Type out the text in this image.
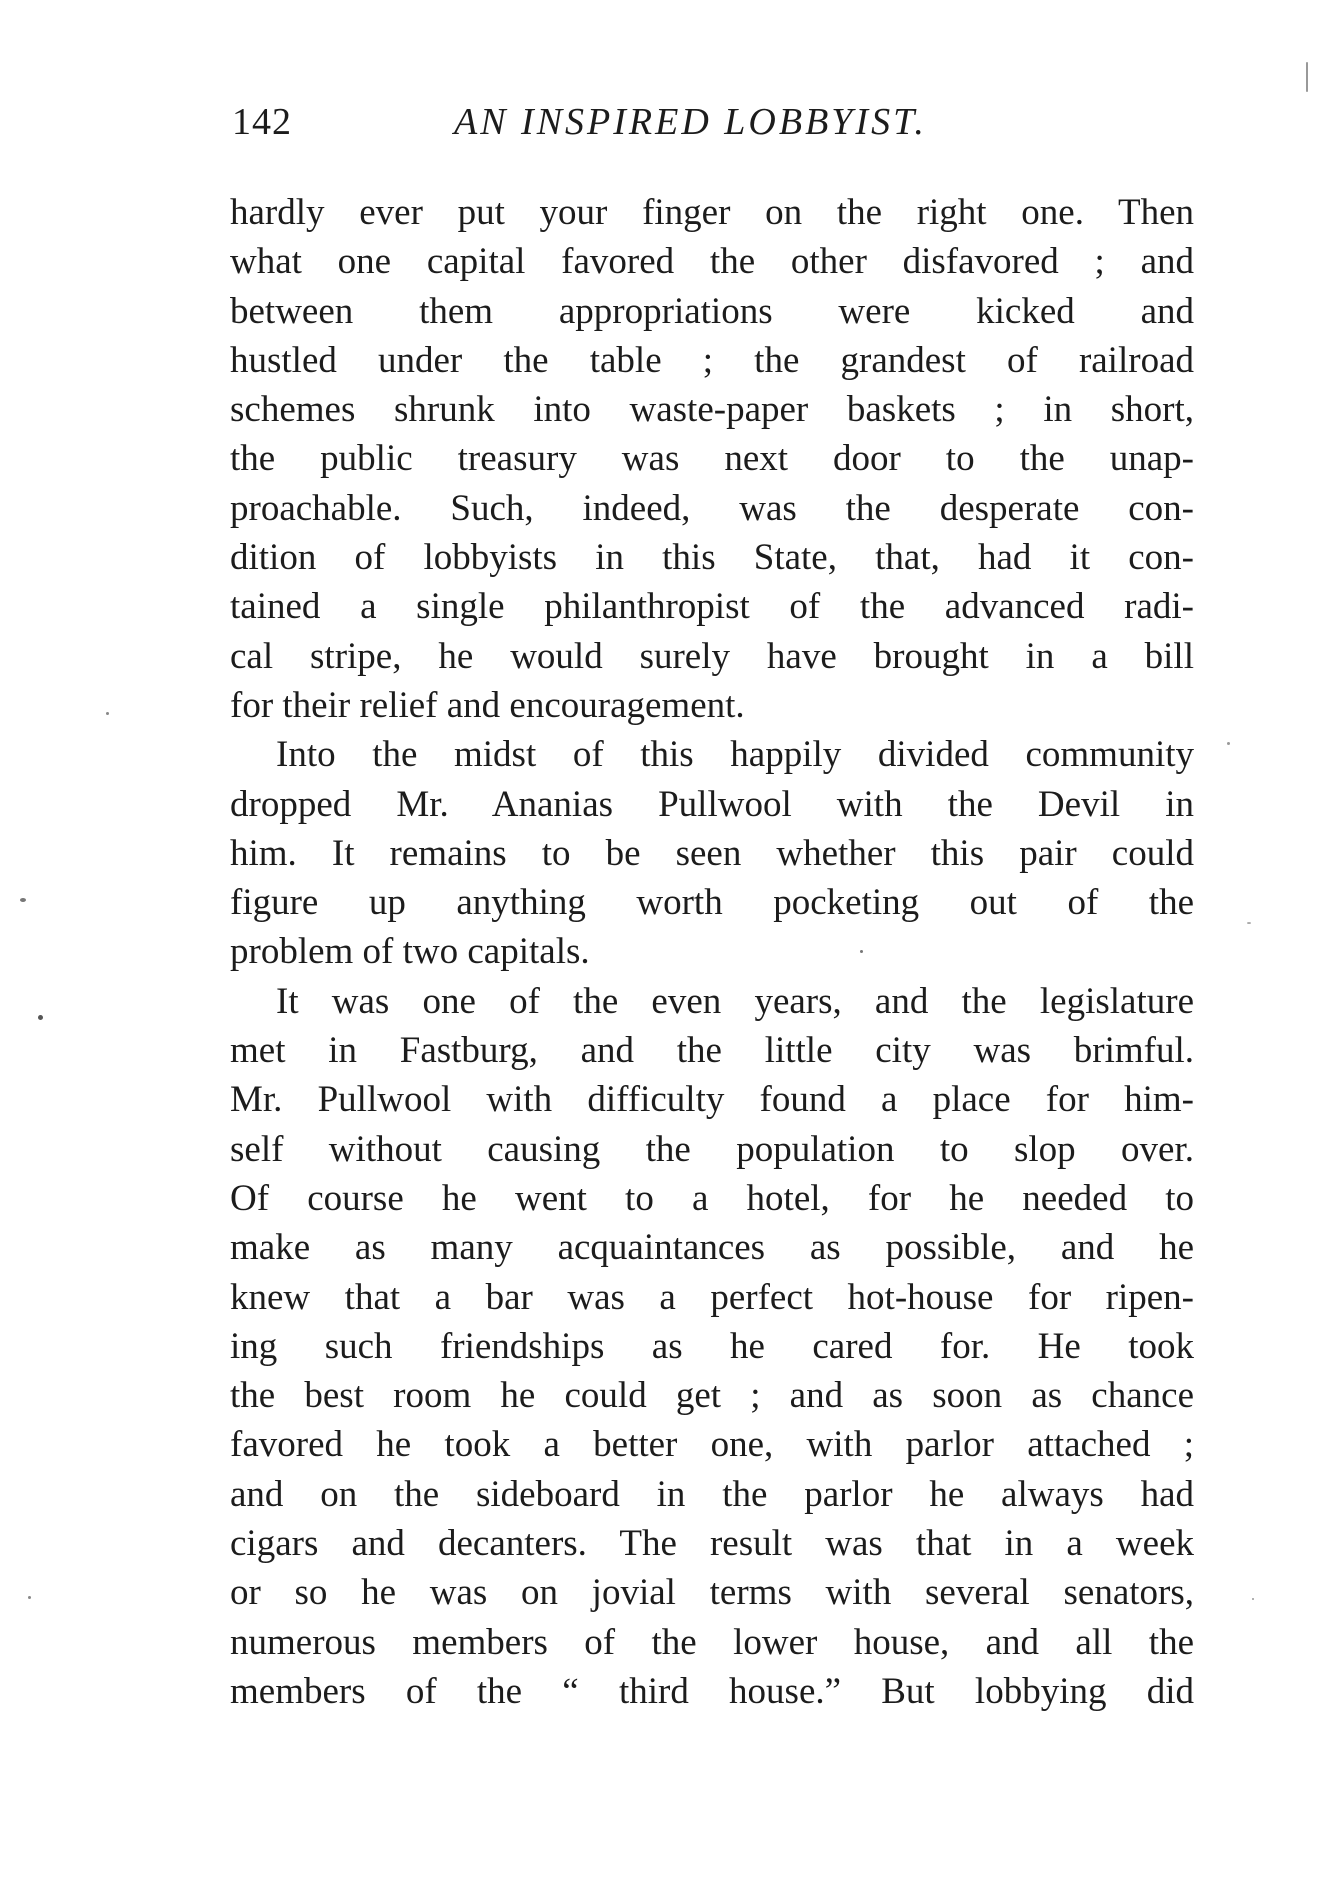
142	AN INSPIRED LOBBYIST.
hardly ever put your finger on the right one. Then
what one capital favored the other disfavored ; and
between them appropriations were kicked and
hustled under the table ; the grandest of railroad
schemes shrunk into waste-paper baskets ; in short,
the public treasury was next door to the unap-
proachable. Such, indeed, was the desperate con-
dition of lobbyists in this State, that, had it con-
tained a single philanthropist of the advanced radi-
cal stripe, he would surely have brought in a bill
for their relief and encouragement.
Into the midst of this happily divided community
dropped Mr. Ananias Pullwool with the Devil in
him. It remains to be seen whether this pair could
figure up anything worth pocketing out of the
problem of two capitals.
It was one of the even years, and the legislature
met in Fastburg, and the little city was brimful.
Mr. Pullwool with difficulty found a place for him-
self without causing the population to slop over.
Of course he went to a hotel, for he needed to
make as many acquaintances as possible, and he
knew that a bar was a perfect hot-house for ripen-
ing such friendships as he cared for. He took
the best room he could get ; and as soon as chance
favored he took a better one, with parlor attached ;
and on the sideboard in the parlor he always had
cigars and decanters. The result was that in a week
or so he was on jovial terms with several senators,
numerous members of the lower house, and all the
members of the “ third house.” But lobbying did
